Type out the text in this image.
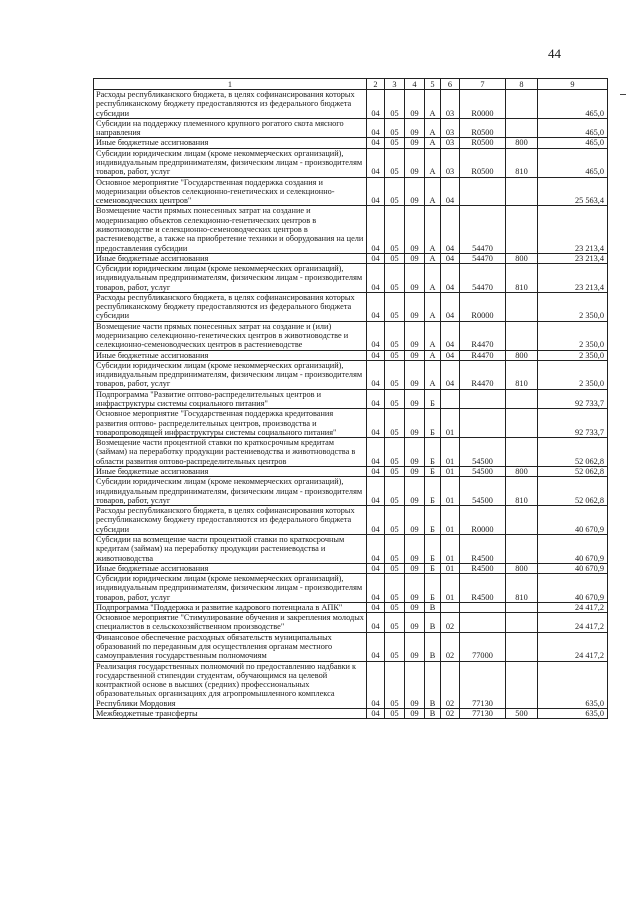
44
1	2	3	4	5	6	7	8	9
Расходы республиканского бюджета, в целях софинансирования которых республиканскому бюджету предоставляются из федерального бюджета субсидии	04	05	09	А	03	R0000		465,0
Субсидии на поддержку племенного крупного рогатого скота мясного направления	04	05	09	А	03	R0500		465,0
Иные бюджетные ассигнования	04	05	09	А	03	R0500	800	465,0
Субсидии юридическим лицам (кроме некоммерческих организаций), индивидуальным предпринимателям, физическим лицам - производителям товаров, работ, услуг	04	05	09	А	03	R0500	810	465,0
Основное мероприятие "Государственная поддержка создания и модернизации объектов селекционно-генетических и селекционно-семеноводческих центров"	04	05	09	А	04			25 563,4
Возмещение части прямых понесенных затрат на создание и модернизацию объектов селекционно-генетических центров в животноводстве и селекционно-семеноводческих центров в растениеводстве, а также на приобретение техники и оборудования на цели предоставления субсидии	04	05	09	А	04	54470		23 213,4
Иные бюджетные ассигнования	04	05	09	А	04	54470	800	23 213,4
Субсидии юридическим лицам (кроме некоммерческих организаций), индивидуальным предпринимателям, физическим лицам - производителям товаров, работ, услуг	04	05	09	А	04	54470	810	23 213,4
Расходы республиканского бюджета, в целях софинансирования которых республиканскому бюджету предоставляются из федерального бюджета субсидии	04	05	09	А	04	R0000		2 350,0
Возмещение части прямых понесенных затрат на создание и (или) модернизацию селекционно-генетических центров в животноводстве и селекционно-семеноводческих центров в растениеводстве	04	05	09	А	04	R4470		2 350,0
Иные бюджетные ассигнования	04	05	09	А	04	R4470	800	2 350,0
Субсидии юридическим лицам (кроме некоммерческих организаций), индивидуальным предпринимателям, физическим лицам - производителям товаров, работ, услуг	04	05	09	А	04	R4470	810	2 350,0
Подпрограмма "Развитие оптово-распределительных центров и инфраструктуры системы социального питания"	04	05	09	Б				92 733,7
Основное мероприятие "Государственная поддержка кредитования развития оптово- распределительных центров, производства и товаропроводящей инфраструктуры системы социального питания"	04	05	09	Б	01			92 733,7
Возмещение части процентной ставки по краткосрочным кредитам (займам) на переработку продукции растениеводства и животноводства в области развития оптово-распределительных центров	04	05	09	Б	01	54500		52 062,8
Иные бюджетные ассигнования	04	05	09	Б	01	54500	800	52 062,8
Субсидии юридическим лицам (кроме некоммерческих организаций), индивидуальным предпринимателям, физическим лицам - производителям товаров, работ, услуг	04	05	09	Б	01	54500	810	52 062,8
Расходы республиканского бюджета, в целях софинансирования которых республиканскому бюджету предоставляются из федерального бюджета субсидии	04	05	09	Б	01	R0000		40 670,9
Субсидии на возмещение части процентной ставки по краткосрочным кредитам (займам) на переработку продукции растениеводства и животноводства	04	05	09	Б	01	R4500		40 670,9
Иные бюджетные ассигнования	04	05	09	Б	01	R4500	800	40 670,9
Субсидии юридическим лицам (кроме некоммерческих организаций), индивидуальным предпринимателям, физическим лицам - производителям товаров, работ, услуг	04	05	09	Б	01	R4500	810	40 670,9
Подпрограмма "Поддержка и развитие кадрового потенциала в АПК"	04	05	09	В				24 417,2
Основное мероприятие "Стимулирование обучения и закрепления молодых специалистов в сельскохозяйственном производстве"	04	05	09	В	02			24 417,2
Финансовое обеспечение расходных обязательств муниципальных образований по переданным для осуществления органам местного самоуправления государственным полномочиям	04	05	09	В	02	77000		24 417,2
Реализация государственных полномочий по предоставлению надбавки к государственной стипендии студентам, обучающимся на целевой контрактной основе в высших (средних) профессиональных образовательных организациях для агропромышленного комплекса Республики Мордовия	04	05	09	В	02	77130		635,0
Межбюджетные трансферты	04	05	09	В	02	77130	500	635,0
